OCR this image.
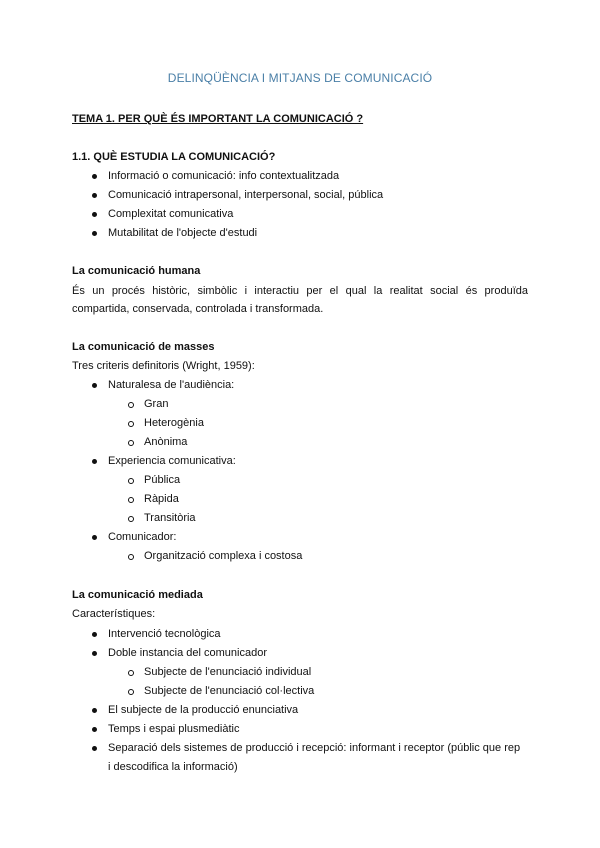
DELINQÜÈNCIA I MITJANS DE COMUNICACIÓ
TEMA 1. PER QUÈ ÉS IMPORTANT LA COMUNICACIÓ ?
1.1. QUÈ ESTUDIA LA COMUNICACIÓ?
Informació o comunicació: info contextualitzada
Comunicació intrapersonal, interpersonal, social, pública
Complexitat comunicativa
Mutabilitat de l'objecte d'estudi
La comunicació humana
És un procés històric, simbòlic i interactiu per el qual la realitat social és produïda
compartida, conservada, controlada i transformada.
La comunicació de masses
Tres criteris definitoris (Wright, 1959):
Naturalesa de l'audiència:
Gran
Heterogènia
Anònima
Experiencia comunicativa:
Pública
Ràpida
Transitòria
Comunicador:
Organització complexa i costosa
La comunicació mediada
Característiques:
Intervenció tecnològica
Doble instancia del comunicador
Subjecte de l'enunciació individual
Subjecte de l'enunciació col·lectiva
El subjecte de la producció enunciativa
Temps i espai plusmediàtic
Separació dels sistemes de producció i recepció: informant i receptor (públic que rep
i descodifica la informació)
